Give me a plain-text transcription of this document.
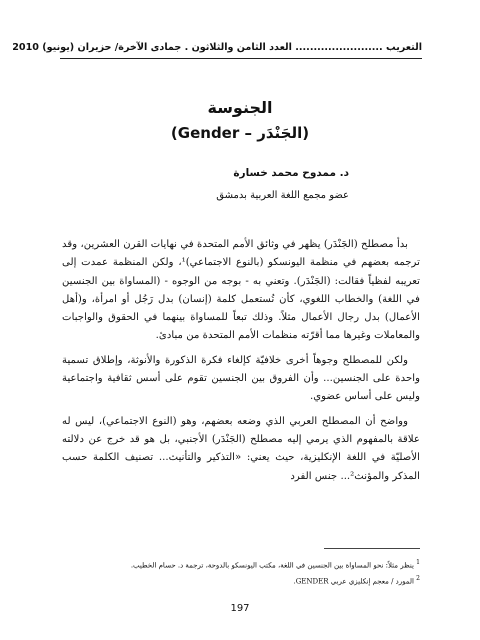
التعريب ........................ العدد الثامن والثلاثون . جمادى الآخرة/ حزيران (يونيو) 2010
الجنوسة
(الجَنْدَر – Gender)
د. ممدوح محمد خسارة
عضو مجمع اللغة العربية بدمشق

بدأ مصطلح (الجَنْدَر) يظهر في وثائق الأمم المتحدة في نهايات القرن العشرين، وقد ترجمه بعضهم في منظمة اليونسكو (بالنوع الاجتماعي)¹، ولكن المنظمة عمدت إلى تعريبه لفظياً فقالت: (الجَنْدَر). وتعني به - بوجه من الوجوه - (المساواة بين الجنسين في اللغة) والخطاب اللغوي، كأن تُستعمل كلمة (إنسان) بدل رَجُل أو امرأة، و(أهل الأعمال) بدل رجال الأعمال مثلاً. وذلك تبعاً للمساواة بينهما في الحقوق والواجبات والمعاملات وغيرها مما أقرّته منظمات الأمم المتحدة من مبادئ.

ولكن للمصطلح وجوهاً أخرى خلافيّة كإلغاء فكرة الذكورة والأنوثة، وإطلاق تسمية واحدة على الجنسين... وأن الفروق بين الجنسين تقوم على أسس ثقافية واجتماعية وليس على أساس عضوي.

وواضح أن المصطلح العربي الذي وضعه بعضهم، وهو (النوع الاجتماعي)، ليس له علاقة بالمفهوم الذي يرمي إليه مصطلح (الجَنْدَر) الأجنبي، بل هو قد خرج عن دلالته الأصليّة في اللغة الإنكليزية، حيث يعني: «التذكير والتأنيث... تصنيف الكلمة حسب المذكر والمؤنث²... جنس الفرد

1 ينظر مثلاً: نحو المساواة بين الجنسين في اللغة، مكتب اليونسكو بالدوحة، ترجمة د. حسام الخطيب.
2 المورد / معجم إنكليزي عربي GENDER.
197
